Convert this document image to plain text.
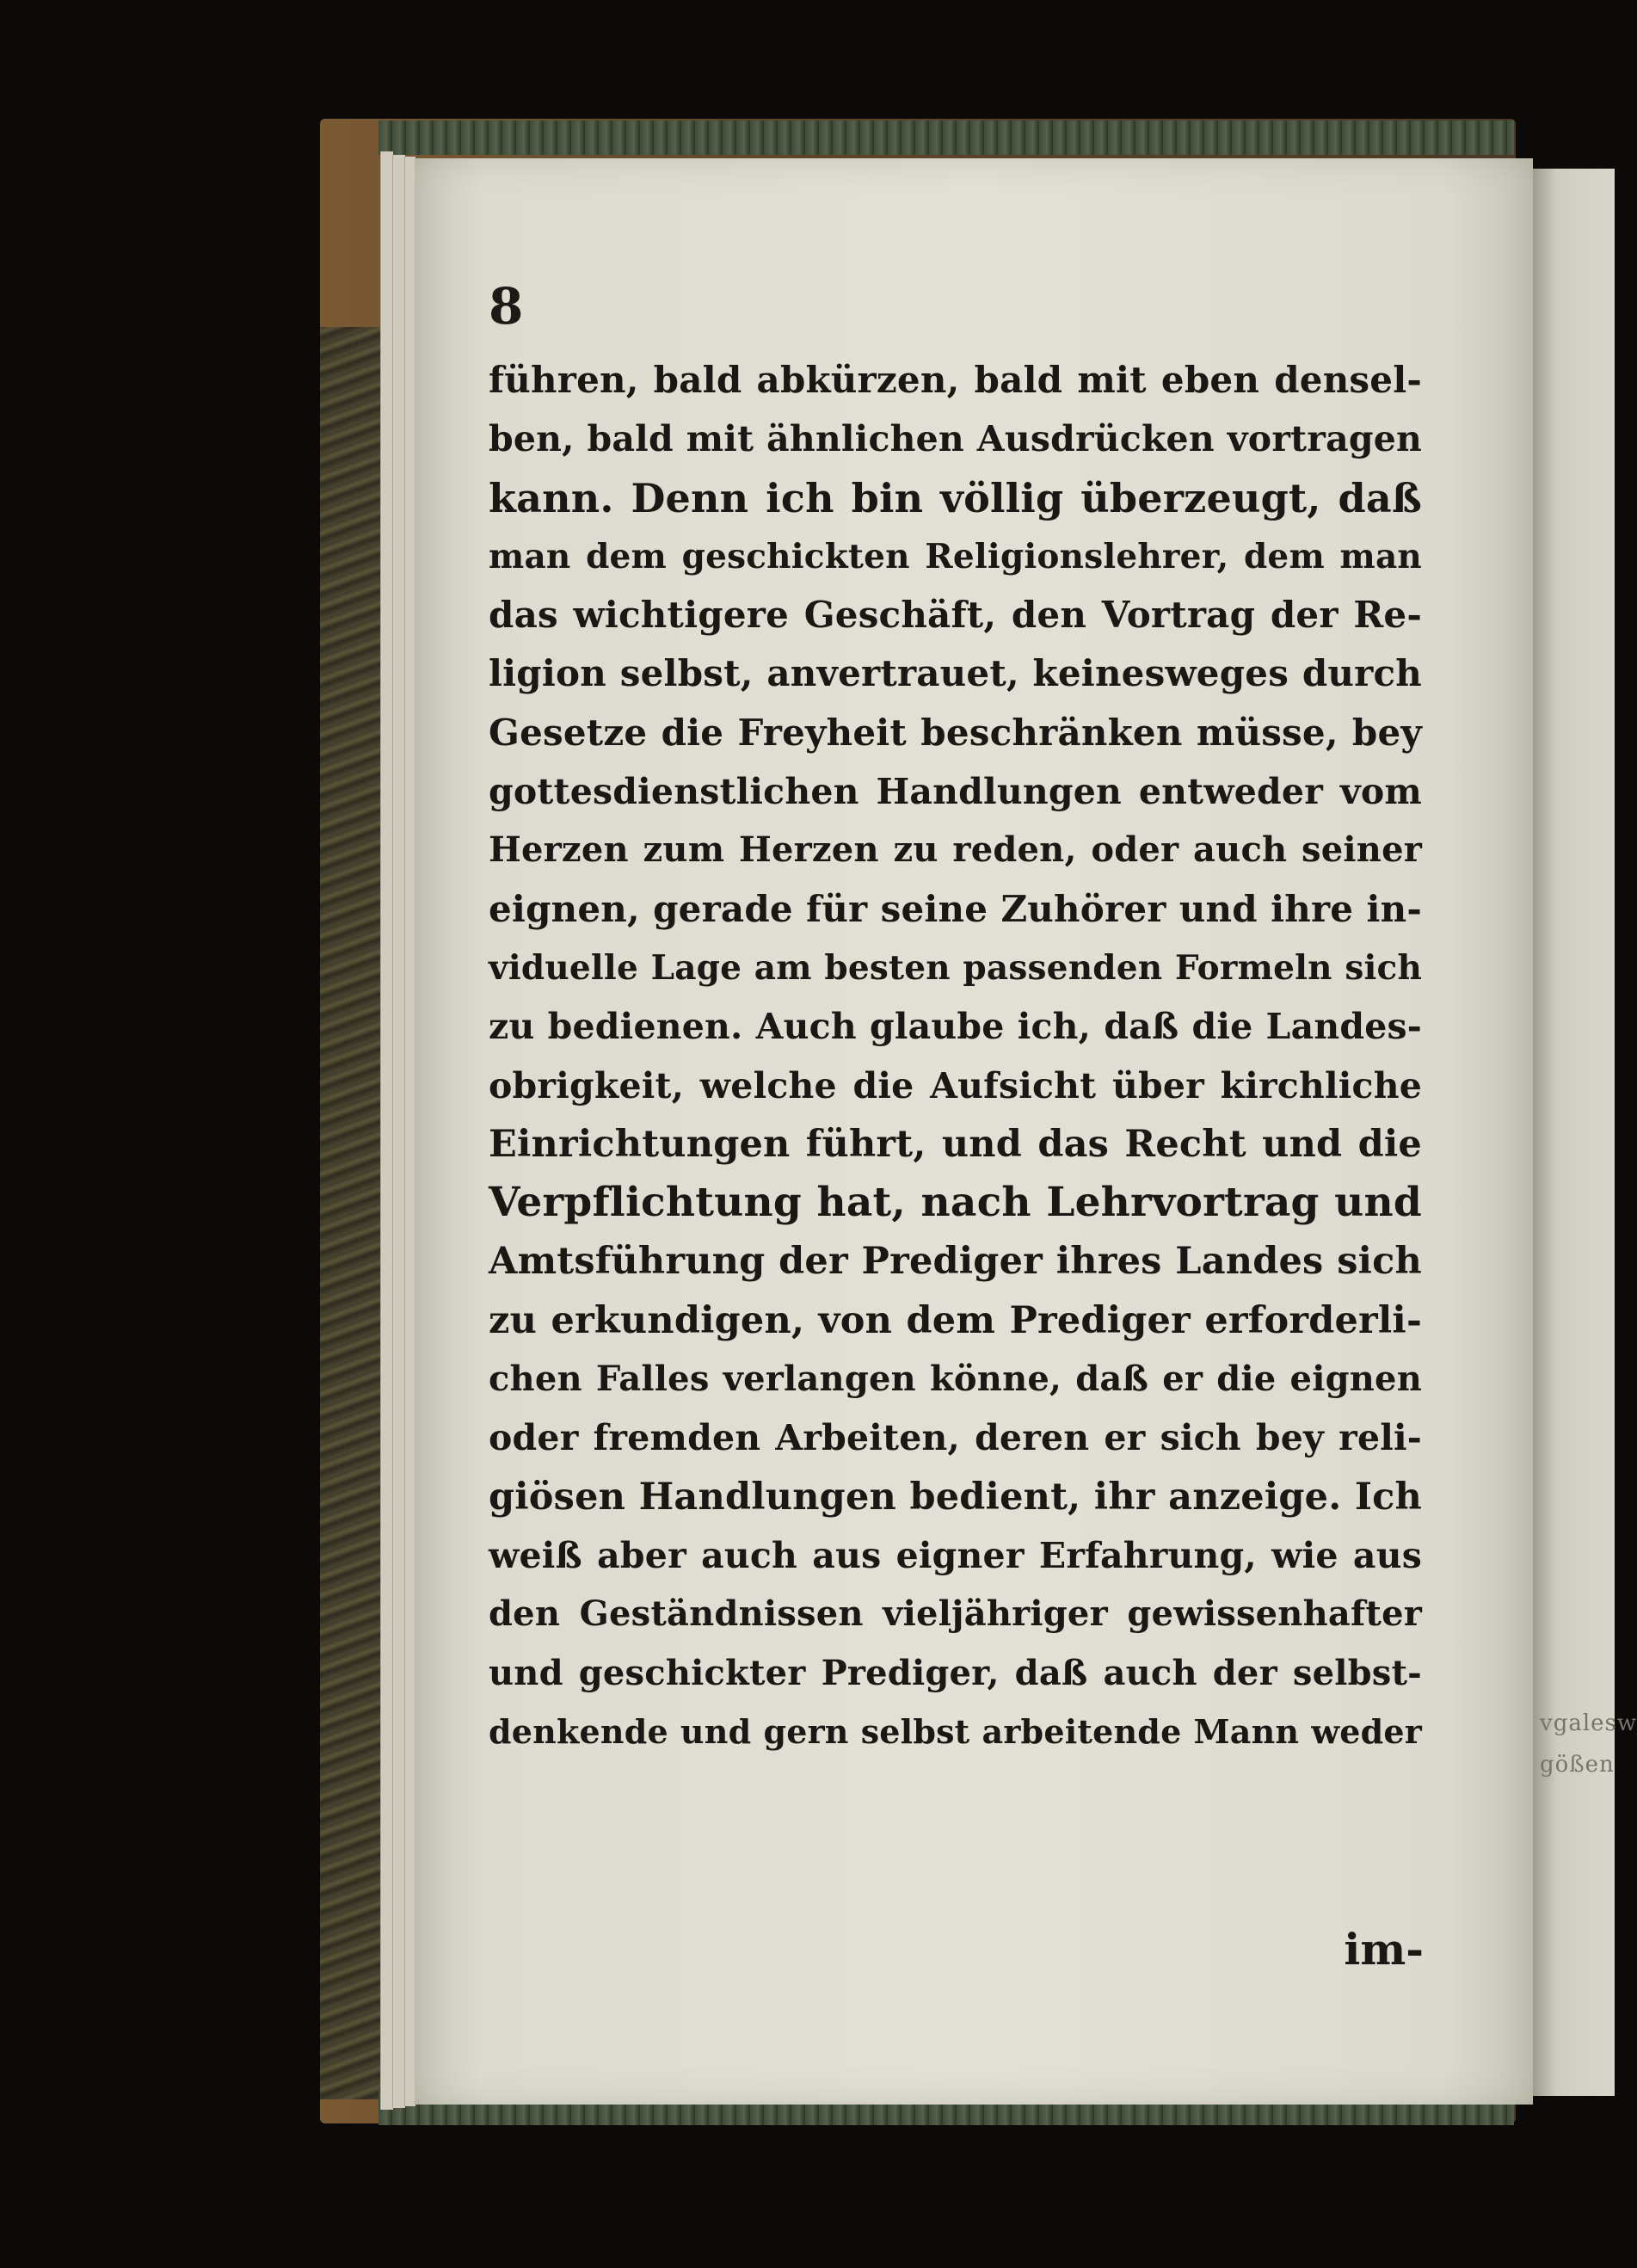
vgalesw
gößen
8
führen, bald abkürzen, bald mit eben densel-
ben, bald mit ähnlichen Ausdrücken vortragen
kann. Denn ich bin völlig überzeugt, daß
man dem geschickten Religionslehrer, dem man
das wichtigere Geschäft, den Vortrag der Re-
ligion selbst, anvertrauet, keinesweges durch
Gesetze die Freyheit beschränken müsse, bey
gottesdienstlichen Handlungen entweder vom
Herzen zum Herzen zu reden, oder auch seiner
eignen, gerade für seine Zuhörer und ihre in-
viduelle Lage am besten passenden Formeln sich
zu bedienen. Auch glaube ich, daß die Landes-
obrigkeit, welche die Aufsicht über kirchliche
Einrichtungen führt, und das Recht und die
Verpflichtung hat, nach Lehrvortrag und
Amtsführung der Prediger ihres Landes sich
zu erkundigen, von dem Prediger erforderli-
chen Falles verlangen könne, daß er die eignen
oder fremden Arbeiten, deren er sich bey reli-
giösen Handlungen bedient, ihr anzeige. Ich
weiß aber auch aus eigner Erfahrung, wie aus
den Geständnissen vieljähriger gewissenhafter
und geschickter Prediger, daß auch der selbst-
denkende und gern selbst arbeitende Mann weder
im-
